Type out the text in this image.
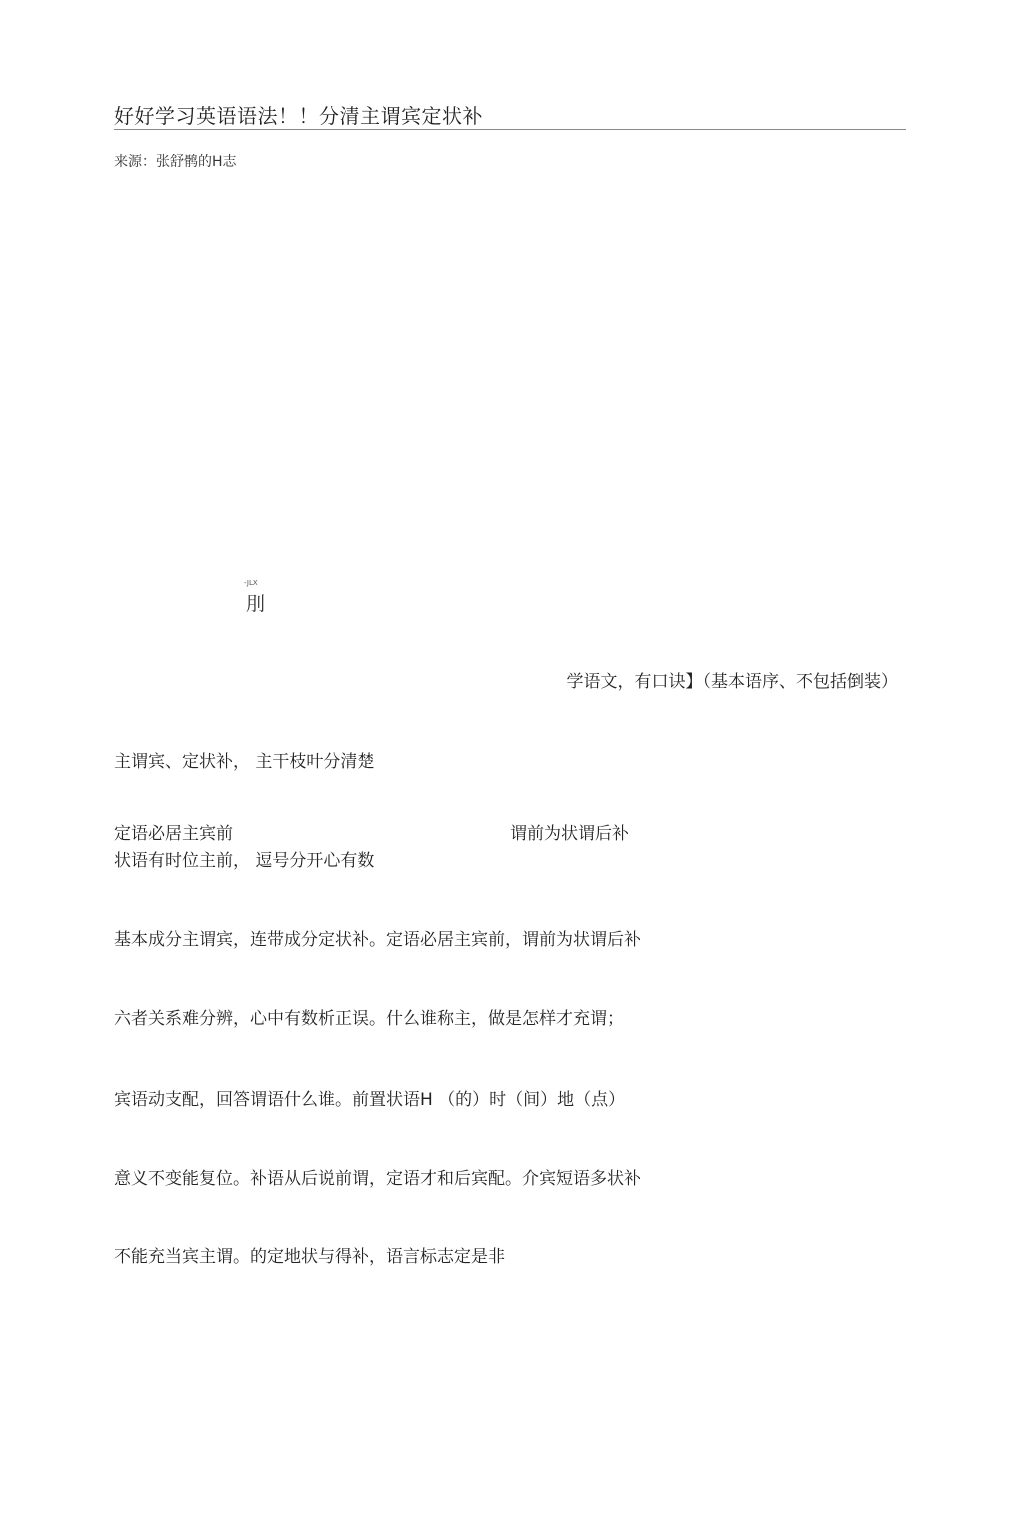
好好学习英语语法！！分清主谓宾定状补
来源：张舒鹘的H志
-JLX
刖
学语文，有口诀】（基本语序、不包括倒装）
主谓宾、定状补， 主干枝叶分清楚
定语必居主宾前	谓前为状谓后补
状语有时位主前， 逗号分开心有数
基本成分主谓宾，连带成分定状补。定语必居主宾前，谓前为状谓后补
六者关系难分辨，心中有数析正误。什么谁称主，做是怎样才充谓；
宾语动支配，回答谓语什么谁。前置状语H （的）时（间）地（点）
意义不变能复位。补语从后说前谓，定语才和后宾配。介宾短语多状补
不能充当宾主谓。的定地状与得补，语言标志定是非
